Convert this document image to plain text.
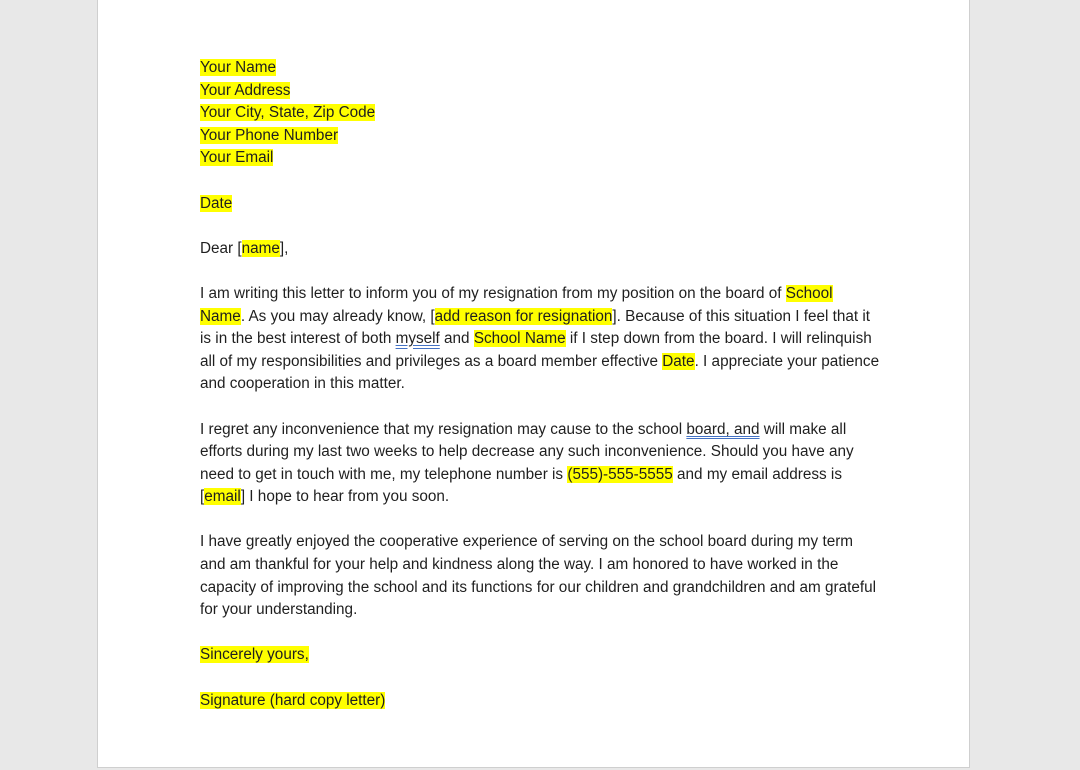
Your Name

Your Address

Your City, State, Zip Code

Your Phone Number

Your Email

Date

Dear [name],

I am writing this letter to inform you of my resignation from my position on the board of School Name. As you may already know, [add reason for resignation]. Because of this situation I feel that it is in the best interest of both myself and School Name if I step down from the board. I will relinquish all of my responsibilities and privileges as a board member effective Date. I appreciate your patience and cooperation in this matter.

I regret any inconvenience that my resignation may cause to the school board, and will make all efforts during my last two weeks to help decrease any such inconvenience. Should you have any need to get in touch with me, my telephone number is (555)-555-5555 and my email address is [email] I hope to hear from you soon.

I have greatly enjoyed the cooperative experience of serving on the school board during my term and am thankful for your help and kindness along the way. I am honored to have worked in the capacity of improving the school and its functions for our children and grandchildren and am grateful for your understanding.

Sincerely yours,

Signature (hard copy letter)
